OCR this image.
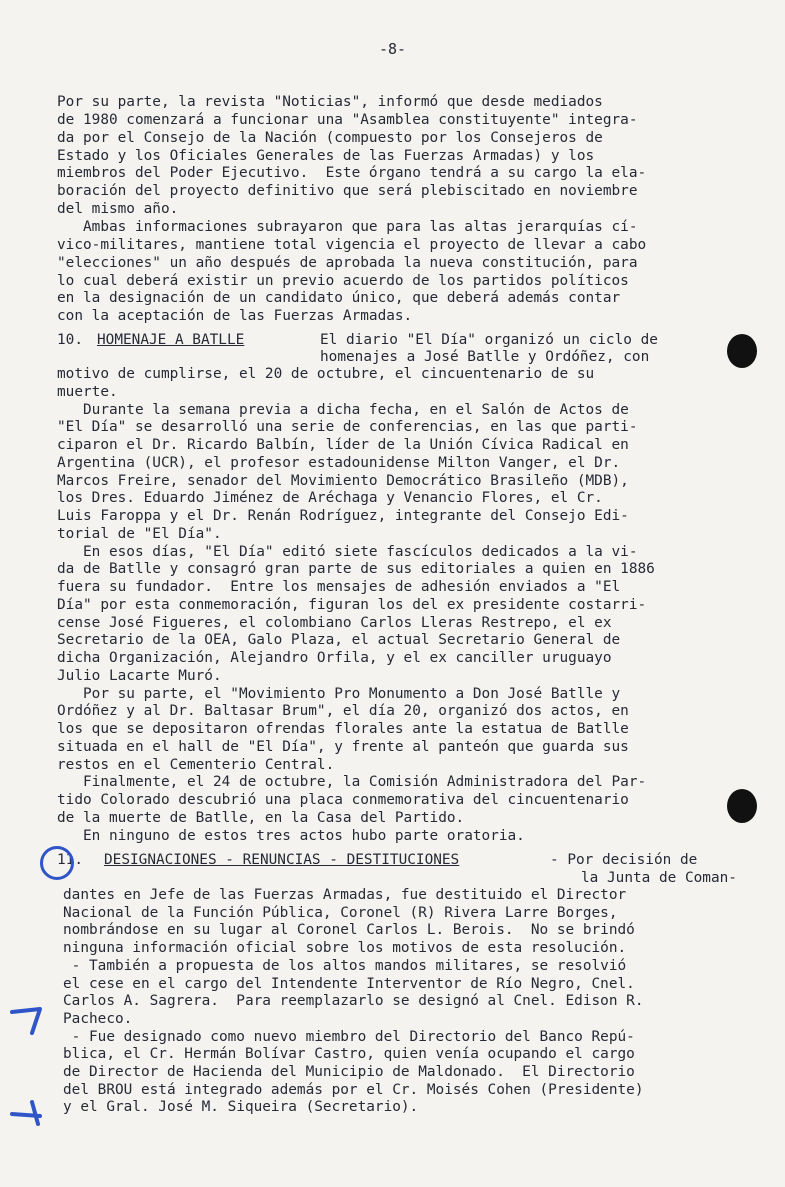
-8-
Por su parte, la revista "Noticias", informó que desde mediados
de 1980 comenzará a funcionar una "Asamblea constituyente" integra-
da por el Consejo de la Nación (compuesto por los Consejeros de
Estado y los Oficiales Generales de las Fuerzas Armadas) y los
miembros del Poder Ejecutivo.  Este órgano tendrá a su cargo la ela-
boración del proyecto definitivo que será plebiscitado en noviembre
del mismo año.
Ambas informaciones subrayaron que para las altas jerarquías cí-
vico-militares, mantiene total vigencia el proyecto de llevar a cabo
"elecciones" un año después de aprobada la nueva constitución, para
lo cual deberá existir un previo acuerdo de los partidos políticos
en la designación de un candidato único, que deberá además contar
con la aceptación de las Fuerzas Armadas.
motivo de cumplirse, el 20 de octubre, el cincuentenario de su
muerte.
Durante la semana previa a dicha fecha, en el Salón de Actos de
"El Día" se desarrolló una serie de conferencias, en las que parti-
ciparon el Dr. Ricardo Balbín, líder de la Unión Cívica Radical en
Argentina (UCR), el profesor estadounidense Milton Vanger, el Dr.
Marcos Freire, senador del Movimiento Democrático Brasileño (MDB),
los Dres. Eduardo Jiménez de Aréchaga y Venancio Flores, el Cr.
Luis Faroppa y el Dr. Renán Rodríguez, integrante del Consejo Edi-
torial de "El Día".
En esos días, "El Día" editó siete fascículos dedicados a la vi-
da de Batlle y consagró gran parte de sus editoriales a quien en 1886
fuera su fundador.  Entre los mensajes de adhesión enviados a "El
Día" por esta conmemoración, figuran los del ex presidente costarri-
cense José Figueres, el colombiano Carlos Lleras Restrepo, el ex
Secretario de la OEA, Galo Plaza, el actual Secretario General de
dicha Organización, Alejandro Orfila, y el ex canciller uruguayo
Julio Lacarte Muró.
Por su parte, el "Movimiento Pro Monumento a Don José Batlle y
Ordóñez y al Dr. Baltasar Brum", el día 20, organizó dos actos, en
los que se depositaron ofrendas florales ante la estatua de Batlle
situada en el hall de "El Día", y frente al panteón que guarda sus
restos en el Cementerio Central.
Finalmente, el 24 de octubre, la Comisión Administradora del Par-
tido Colorado descubrió una placa conmemorativa del cincuentenario
de la muerte de Batlle, en la Casa del Partido.
En ninguno de estos tres actos hubo parte oratoria.
dantes en Jefe de las Fuerzas Armadas, fue destituido el Director
Nacional de la Función Pública, Coronel (R) Rivera Larre Borges,
nombrándose en su lugar al Coronel Carlos L. Berois.  No se brindó
ninguna información oficial sobre los motivos de esta resolución.
- También a propuesta de los altos mandos militares, se resolvió
el cese en el cargo del Intendente Interventor de Río Negro, Cnel.
Carlos A. Sagrera.  Para reemplazarlo se designó al Cnel. Edison R.
Pacheco.
- Fue designado como nuevo miembro del Directorio del Banco Repú-
blica, el Cr. Hermán Bolívar Castro, quien venía ocupando el cargo
de Director de Hacienda del Municipio de Maldonado.  El Directorio
del BROU está integrado además por el Cr. Moisés Cohen (Presidente)
y el Gral. José M. Siqueira (Secretario).
10. HOMENAJE A BATLLE	El diario "El Día" organizó un ciclo de
homenajes a José Batlle y Ordóñez, con
11. DESIGNACIONES - RENUNCIAS - DESTITUCIONES	- Por decisión de
la Junta de Coman-
